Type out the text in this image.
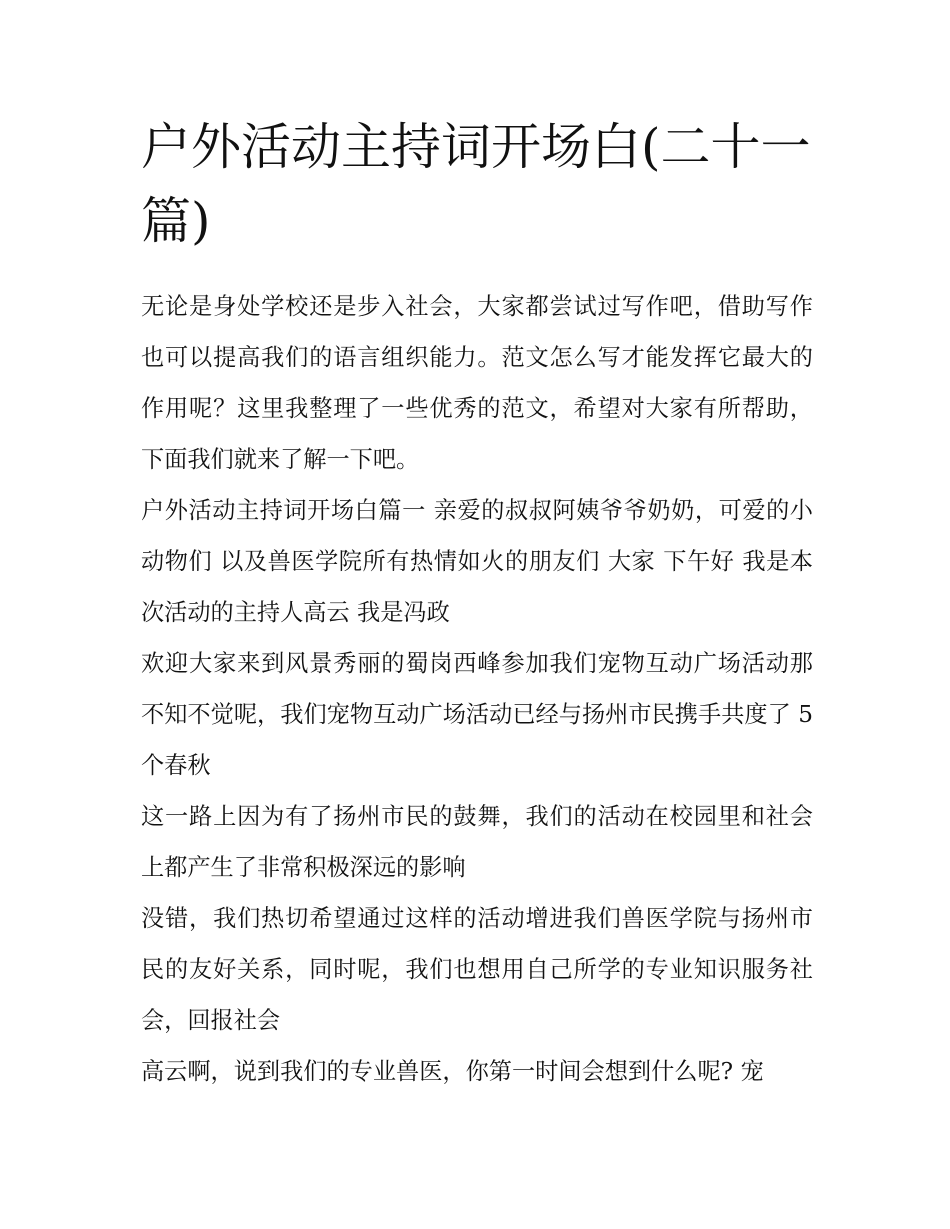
户外活动主持词开场白(二十一篇)

无论是身处学校还是步入社会，大家都尝试过写作吧，借助写作也可以提高我们的语言组织能力。范文怎么写才能发挥它最大的作用呢？这里我整理了一些优秀的范文，希望对大家有所帮助，下面我们就来了解一下吧。

户外活动主持词开场白篇一 亲爱的叔叔阿姨爷爷奶奶，可爱的小动物们 以及兽医学院所有热情如火的朋友们 大家 下午好 我是本次活动的主持人高云 我是冯政

欢迎大家来到风景秀丽的蜀岗西峰参加我们宠物互动广场活动那不知不觉呢，我们宠物互动广场活动已经与扬州市民携手共度了 5 个春秋

这一路上因为有了扬州市民的鼓舞，我们的活动在校园里和社会上都产生了非常积极深远的影响

没错，我们热切希望通过这样的活动增进我们兽医学院与扬州市民的友好关系，同时呢，我们也想用自己所学的专业知识服务社会，回报社会

高云啊，说到我们的专业兽医，你第一时间会想到什么呢? 宠
